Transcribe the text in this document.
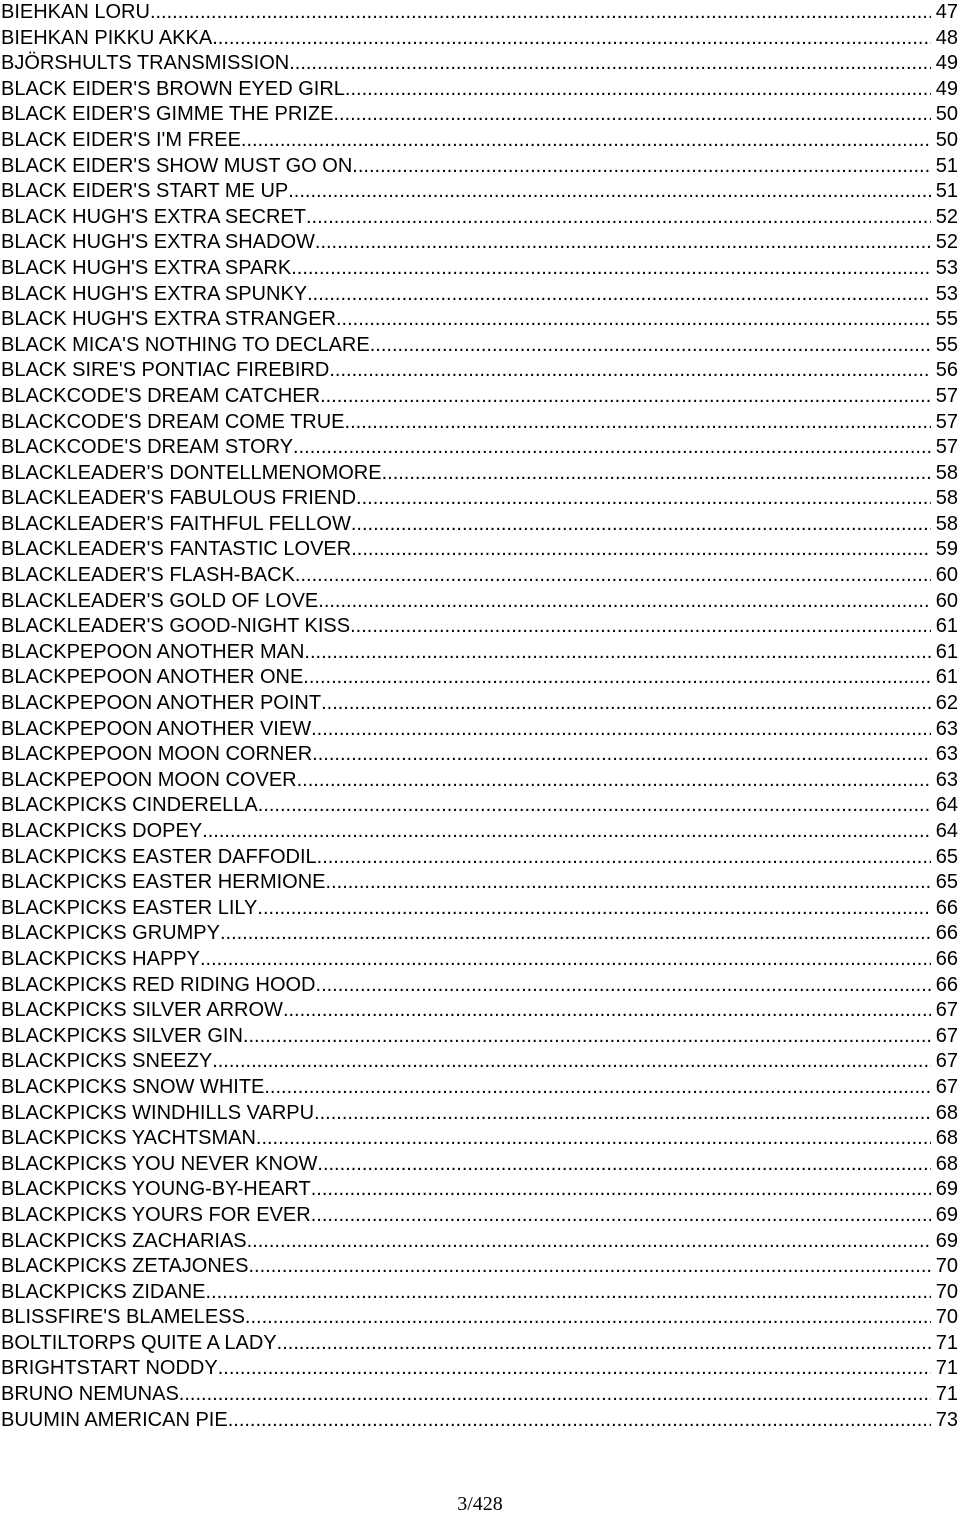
BIEHKAN LORU .....	47
BIEHKAN PIKKU AKKA .....	48
BJÖRSHULTS TRANSMISSION .....	49
BLACK EIDER'S BROWN EYED GIRL .....	49
BLACK EIDER'S GIMME THE PRIZE .....	50
BLACK EIDER'S I'M FREE .....	50
BLACK EIDER'S SHOW MUST GO ON .....	51
BLACK EIDER'S START ME UP .....	51
BLACK HUGH'S EXTRA SECRET .....	52
BLACK HUGH'S EXTRA SHADOW .....	52
BLACK HUGH'S EXTRA SPARK .....	53
BLACK HUGH'S EXTRA SPUNKY .....	53
BLACK HUGH'S EXTRA STRANGER .....	55
BLACK MICA'S NOTHING TO DECLARE .....	55
BLACK SIRE'S PONTIAC FIREBIRD .....	56
BLACKCODE'S DREAM CATCHER .....	57
BLACKCODE'S DREAM COME TRUE .....	57
BLACKCODE'S DREAM STORY .....	57
BLACKLEADER'S DONTELLMENOMORE .....	58
BLACKLEADER'S FABULOUS FRIEND .....	58
BLACKLEADER'S FAITHFUL FELLOW .....	58
BLACKLEADER'S FANTASTIC LOVER .....	59
BLACKLEADER'S FLASH-BACK .....	60
BLACKLEADER'S GOLD OF LOVE .....	60
BLACKLEADER'S GOOD-NIGHT KISS .....	61
BLACKPEPOON ANOTHER MAN .....	61
BLACKPEPOON ANOTHER ONE .....	61
BLACKPEPOON ANOTHER POINT .....	62
BLACKPEPOON ANOTHER VIEW .....	63
BLACKPEPOON MOON CORNER .....	63
BLACKPEPOON MOON COVER .....	63
BLACKPICKS CINDERELLA .....	64
BLACKPICKS DOPEY .....	64
BLACKPICKS EASTER DAFFODIL .....	65
BLACKPICKS EASTER HERMIONE .....	65
BLACKPICKS EASTER LILY .....	66
BLACKPICKS GRUMPY .....	66
BLACKPICKS HAPPY .....	66
BLACKPICKS RED RIDING HOOD .....	66
BLACKPICKS SILVER ARROW .....	67
BLACKPICKS SILVER GIN .....	67
BLACKPICKS SNEEZY .....	67
BLACKPICKS SNOW WHITE .....	67
BLACKPICKS WINDHILLS VARPU .....	68
BLACKPICKS YACHTSMAN .....	68
BLACKPICKS YOU NEVER KNOW .....	68
BLACKPICKS YOUNG-BY-HEART .....	69
BLACKPICKS YOURS FOR EVER .....	69
BLACKPICKS ZACHARIAS .....	69
BLACKPICKS ZETAJONES .....	70
BLACKPICKS ZIDANE .....	70
BLISSFIRE'S BLAMELESS .....	70
BOLTILTORPS QUITE A LADY .....	71
BRIGHTSTART NODDY .....	71
BRUNO NEMUNAS .....	71
BUUMIN AMERICAN PIE .....	73
3/428
